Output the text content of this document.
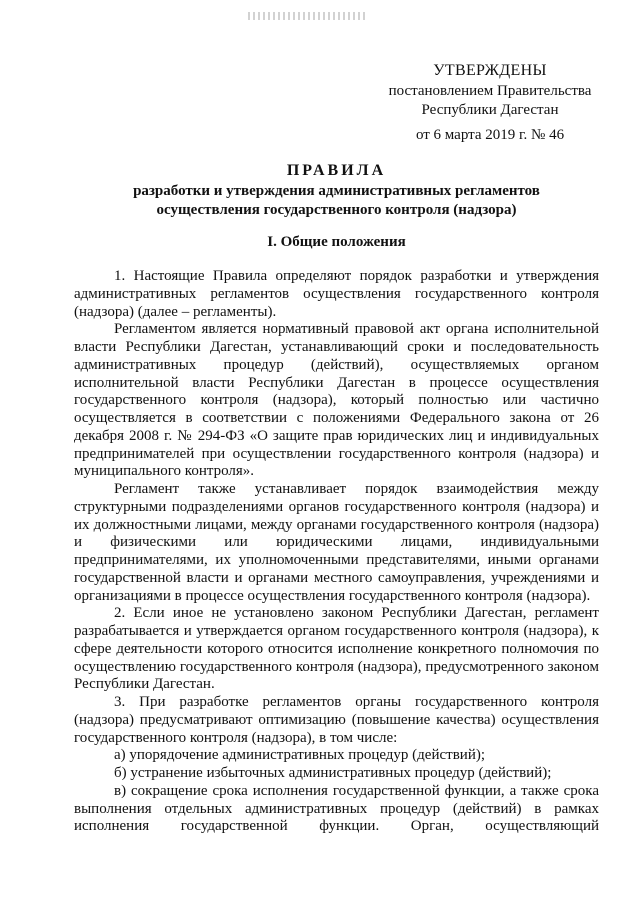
УТВЕРЖДЕНЫ
постановлением Правительства
Республики Дагестан
от 6 марта 2019 г. № 46
ПРАВИЛА
разработки и утверждения административных регламентов
осуществления государственного контроля (надзора)
I. Общие положения

1. Настоящие Правила определяют порядок разработки и утверждения административных регламентов осуществления государственного контроля (надзора) (далее – регламенты).

Регламентом является нормативный правовой акт органа исполнительной власти Республики Дагестан, устанавливающий сроки и последовательность административных процедур (действий), осуществляемых органом исполнительной власти Республики Дагестан в процессе осуществления государственного контроля (надзора), который полностью или частично осуществляется в соответствии с положениями Федерального закона от 26 декабря 2008 г. № 294-ФЗ «О защите прав юридических лиц и индивидуальных предпринимателей при осуществлении государственного контроля (надзора) и муниципального контроля».

Регламент также устанавливает порядок взаимодействия между структурными подразделениями органов государственного контроля (надзора) и их должностными лицами, между органами государственного контроля (надзора) и физическими или юридическими лицами, индивидуальными предпринимателями, их уполномоченными представителями, иными органами государственной власти и органами местного самоуправления, учреждениями и организациями в процессе осуществления государственного контроля (надзора).

2. Если иное не установлено законом Республики Дагестан, регламент разрабатывается и утверждается органом государственного контроля (надзора), к сфере деятельности которого относится исполнение конкретного полномочия по осуществлению государственного контроля (надзора), предусмотренного законом Республики Дагестан.

3. При разработке регламентов органы государственного контроля (надзора) предусматривают оптимизацию (повышение качества) осуществления государственного контроля (надзора), в том числе:

а) упорядочение административных процедур (действий);

б) устранение избыточных административных процедур (действий);

в) сокращение срока исполнения государственной функции, а также срока выполнения отдельных административных процедур (действий) в рамках исполнения государственной функции. Орган, осуществляющий
